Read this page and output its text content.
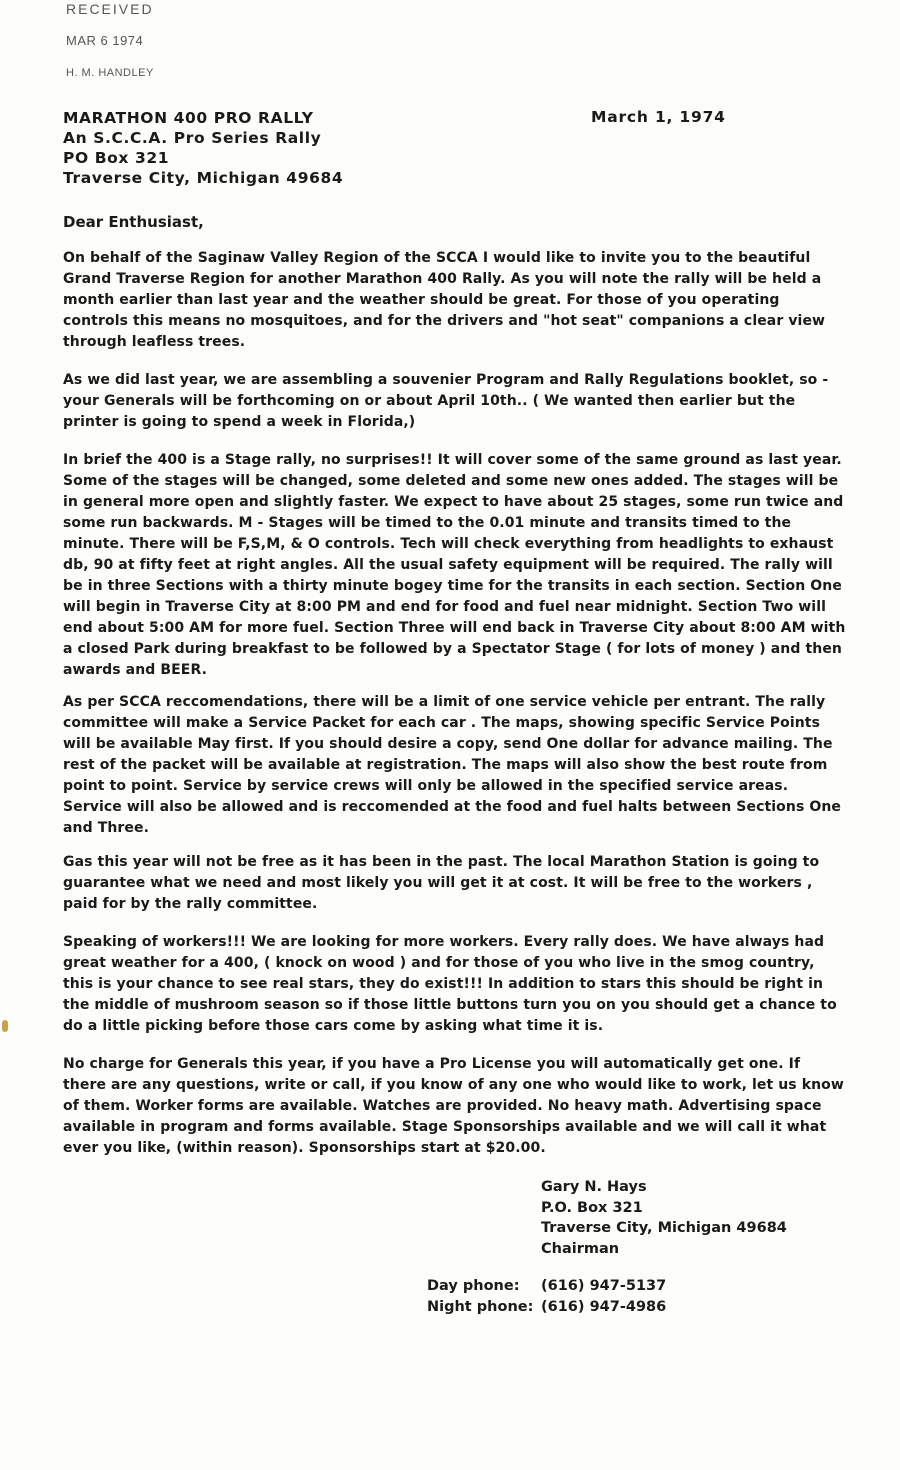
RECEIVED
MAR 6 1974
H. M. HANDLEY
MARATHON 400 PRO RALLY
An S.C.C.A. Pro Series Rally
PO Box 321
Traverse City, Michigan 49684
March 1, 1974
Dear Enthusiast,

On behalf of the Saginaw Valley Region of the SCCA I would like to invite you to the beautiful Grand Traverse Region for another Marathon 400 Rally. As you will note the rally will be held a month earlier than last year and the weather should be great. For those of you operating controls this means no mosquitoes, and for the drivers and "hot seat" companions a clear view through leafless trees.

As we did last year, we are assembling a souvenier Program and Rally Regulations booklet, so - your Generals will be forthcoming on or about April 10th.. ( We wanted then earlier but the printer is going to spend a week in Florida,)

In brief the 400 is a Stage rally, no surprises!! It will cover some of the same ground as last year. Some of the stages will be changed, some deleted and some new ones added. The stages will be in general more open and slightly faster. We expect to have about 25 stages, some run twice and some run backwards. M - Stages will be timed to the 0.01 minute and transits timed to the minute. There will be F,S,M, & O controls. Tech will check everything from headlights to exhaust db, 90 at fifty feet at right angles. All the usual safety equipment will be required. The rally will be in three Sections with a thirty minute bogey time for the transits in each section. Section One will begin in Traverse City at 8:00 PM and end for food and fuel near midnight. Section Two will end about 5:00 AM for more fuel. Section Three will end back in Traverse City about 8:00 AM with a closed Park during breakfast to be followed by a Spectator Stage ( for lots of money ) and then awards and BEER.

As per SCCA reccomendations, there will be a limit of one service vehicle per entrant. The rally committee will make a Service Packet for each car . The maps, showing specific Service Points will be available May first. If you should desire a copy, send One dollar for advance mailing. The rest of the packet will be available at registration. The maps will also show the best route from point to point. Service by service crews will only be allowed in the specified service areas. Service will also be allowed and is reccomended at the food and fuel halts between Sections One and Three.

Gas this year will not be free as it has been in the past. The local Marathon Station is going to guarantee what we need and most likely you will get it at cost. It will be free to the workers , paid for by the rally committee.

Speaking of workers!!! We are looking for more workers. Every rally does. We have always had great weather for a 400, ( knock on wood ) and for those of you who live in the smog country, this is your chance to see real stars, they do exist!!! In addition to stars this should be right in the middle of mushroom season so if those little buttons turn you on you should get a chance to do a little picking before those cars come by asking what time it is.

No charge for Generals this year, if you have a Pro License you will automatically get one. If there are any questions, write or call, if you know of any one who would like to work, let us know of them. Worker forms are available. Watches are provided. No heavy math. Advertising space available in program and forms available. Stage Sponsorships available and we will call it what ever you like, (within reason). Sponsorships start at $20.00.

Gary N. Hays
P.O. Box 321
Traverse City, Michigan 49684
Chairman
Day phone:	(616) 947-5137
Night phone: (616) 947-4986
